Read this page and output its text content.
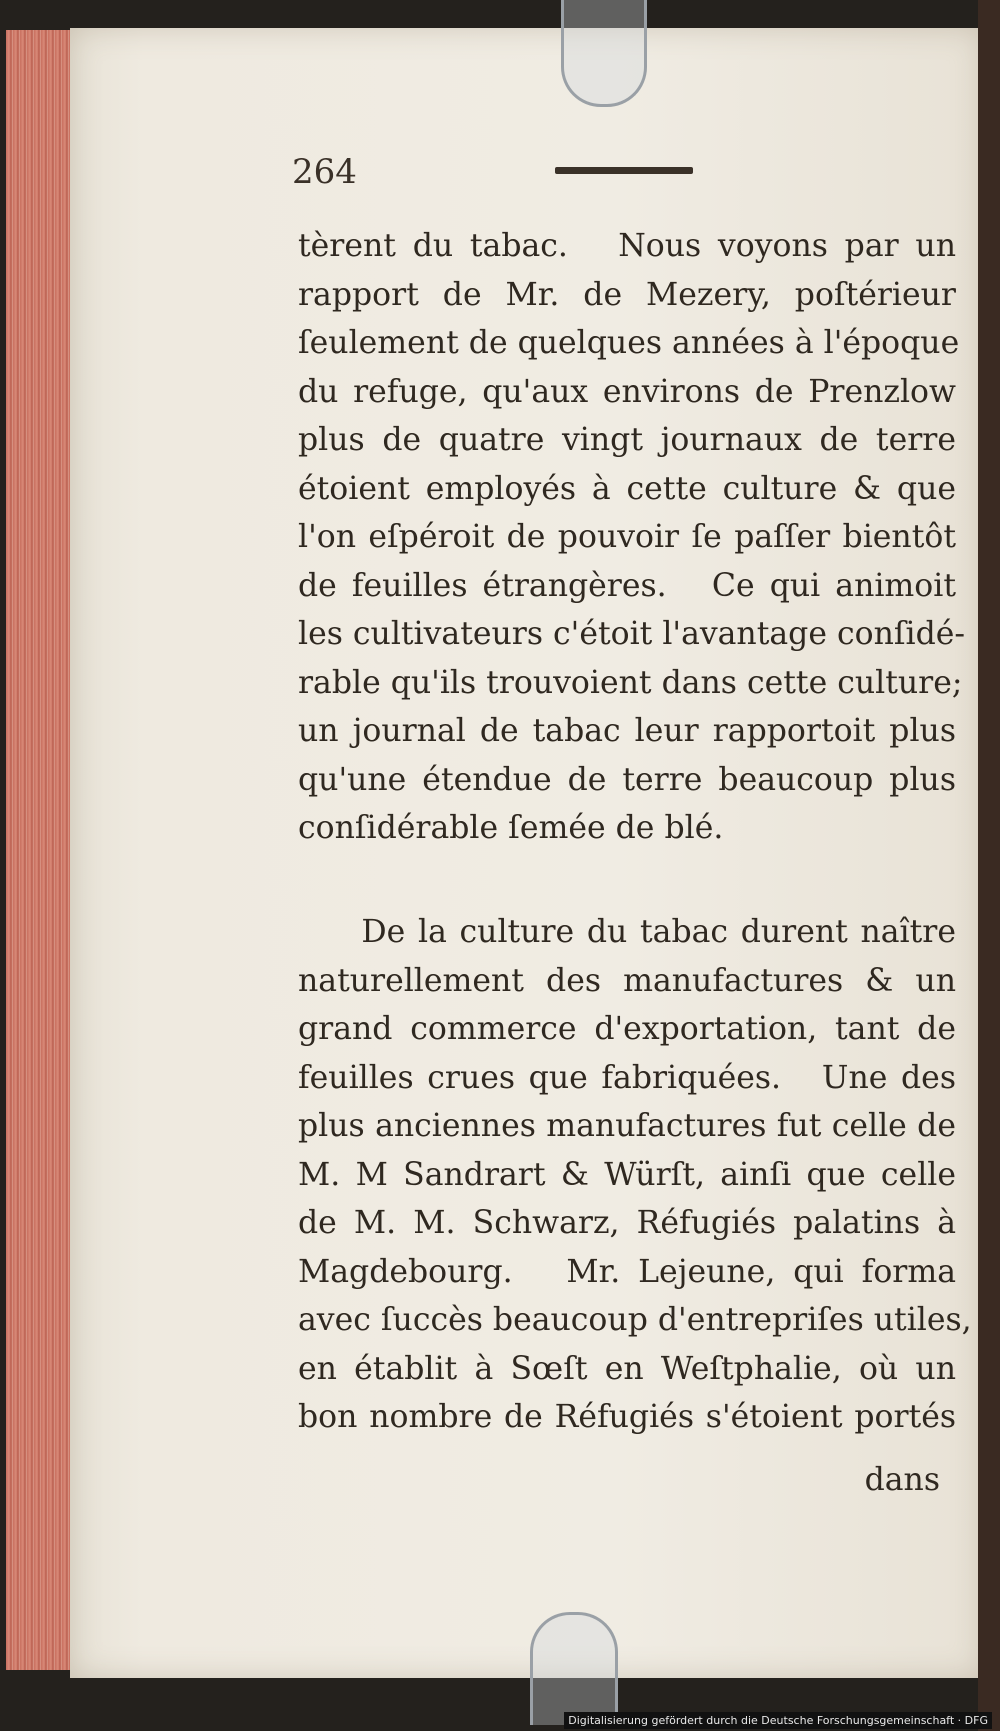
264
tèrent du tabac.   Nous voyons par un
rapport de Mr. de Mezery, poſtérieur
ſeulement de quelques années à l'époque
du refuge, qu'aux environs de Prenzlow
plus de quatre vingt journaux de terre
étoient employés à cette culture & que
l'on eſpéroit de pouvoir ſe paſſer bientôt
de feuilles étrangères.   Ce qui animoit
les cultivateurs c'étoit l'avantage conſidé-
rable qu'ils trouvoient dans cette culture;
un journal de tabac leur rapportoit plus
qu'une étendue de terre beaucoup plus
conſidérable ſemée de blé.
De la culture du tabac durent naître
naturellement des manufactures & un
grand commerce d'exportation, tant de
feuilles crues que fabriquées.   Une des
plus anciennes manufactures fut celle de
M. M Sandrart & Würſt, ainſi que celle
de M. M. Schwarz, Réfugiés palatins à
Magdebourg.   Mr. Lejeune, qui forma
avec ſuccès beaucoup d'entrepriſes utiles,
en établit à Sœſt en Weſtphalie, où un
bon nombre de Réfugiés s'étoient portés
dans
Digitalisierung gefördert durch die Deutsche Forschungsgemeinschaft · DFG
